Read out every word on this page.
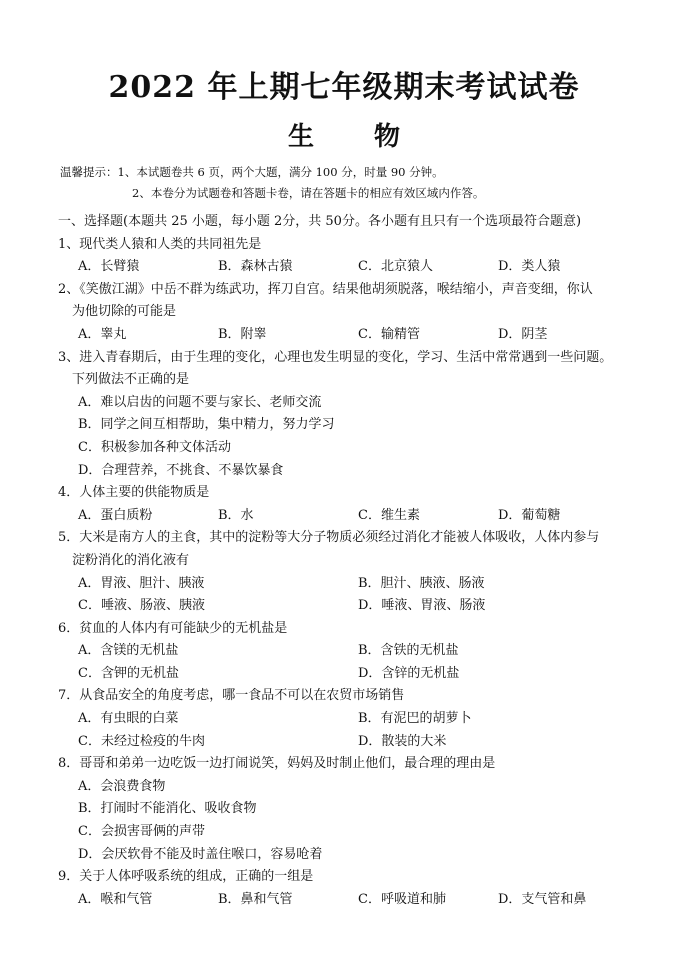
2022 年上期七年级期末考试试卷
生物
温馨提示：1、本试题卷共 6 页，两个大题，满分 100 分，时量 90 分钟。
2、本卷分为试题卷和答题卡卷，请在答题卡的相应有效区域内作答。
一、选择题(本题共 25 小题，每小题 2分，共 50分。各小题有且只有一个选项最符合题意)
1、现代类人猿和人类的共同祖先是
A．长臂猿	B．森林古猿	C．北京猿人	D．类人猿
2、《笑傲江湖》中岳不群为练武功，挥刀自宫。结果他胡须脱落，喉结缩小，声音变细，你认
为他切除的可能是
A．睾丸	B．附睾	C．输精管	D．阴茎
3、进入青春期后，由于生理的变化，心理也发生明显的变化，学习、生活中常常遇到一些问题。
下列做法不正确的是
A．难以启齿的问题不要与家长、老师交流
B．同学之间互相帮助，集中精力，努力学习
C．积极参加各种文体活动
D．合理营养，不挑食、不暴饮暴食
4．人体主要的供能物质是
A．蛋白质粉	B．水	C．维生素	D．葡萄糖
5．大米是南方人的主食，其中的淀粉等大分子物质必须经过消化才能被人体吸收，人体内参与
淀粉消化的消化液有
A．胃液、胆汁、胰液	B．胆汁、胰液、肠液
C．唾液、肠液、胰液	D．唾液、胃液、肠液
6．贫血的人体内有可能缺少的无机盐是
A．含镁的无机盐	B．含铁的无机盐
C．含钾的无机盐	D．含锌的无机盐
7．从食品安全的角度考虑，哪一食品不可以在农贸市场销售
A．有虫眼的白菜	B．有泥巴的胡萝卜
C．未经过检疫的牛肉	D．散装的大米
8．哥哥和弟弟一边吃饭一边打闹说笑，妈妈及时制止他们，最合理的理由是
A．会浪费食物
B．打闹时不能消化、吸收食物
C．会损害哥俩的声带
D．会厌软骨不能及时盖住喉口，容易呛着
9．关于人体呼吸系统的组成，正确的一组是
A．喉和气管	B．鼻和气管	C．呼吸道和肺	D．支气管和鼻
